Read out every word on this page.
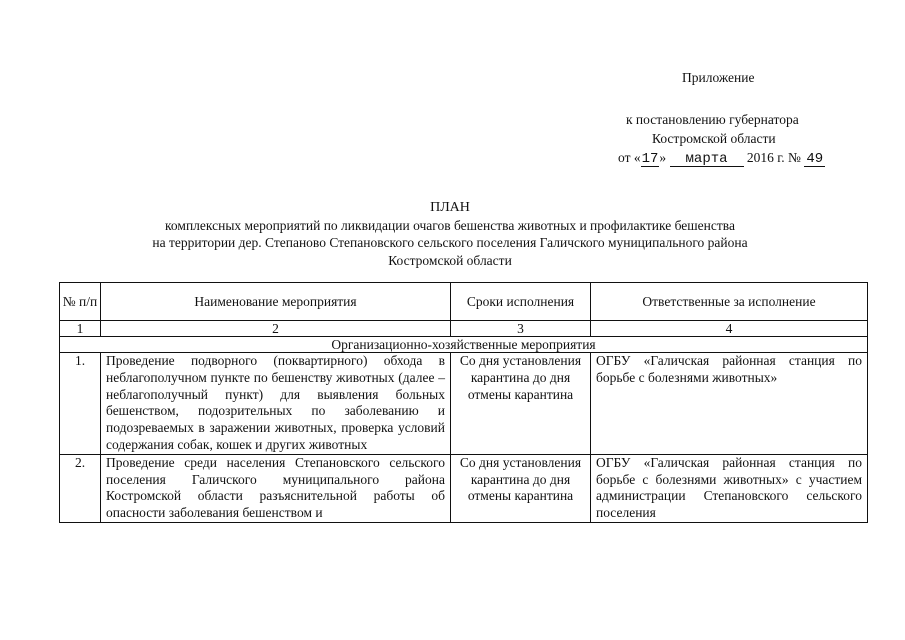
Приложение
к постановлению губернатора
Костромской области
от «17» марта 2016 г. № 49
ПЛАН
комплексных мероприятий по ликвидации очагов бешенства животных и профилактике бешенства
на территории дер. Степаново Степановского сельского поселения Галичского муниципального района
Костромской области
№ п/п	Наименование мероприятия	Сроки исполнения	Ответственные за исполнение
1	2	3	4
Организационно-хозяйственные мероприятия			
1.	Проведение подворного (поквартирного) обхода в неблагополучном пункте по бешенству животных (далее – неблагополучный пункт) для выявления больных бешенством, подозрительных по заболеванию и подозреваемых в заражении животных, проверка условий содержания собак, кошек и других животных	Со дня установления карантина до дня отмены карантина	ОГБУ «Галичская районная станция по борьбе с болезнями животных»
2.	Проведение среди населения Степановского сельского поселения Галичского муниципального района Костромской области разъяснительной работы об опасности заболевания бешенством и	Со дня установления карантина до дня отмены карантина	ОГБУ «Галичская районная станция по борьбе с болезнями животных» с участием администрации Степановского сельского поселения
